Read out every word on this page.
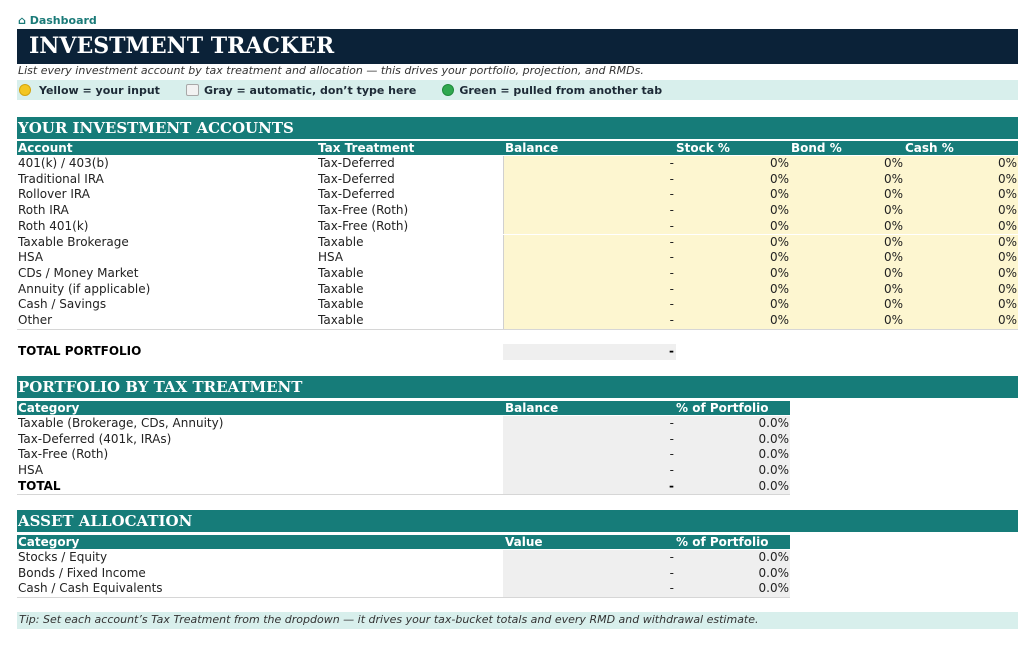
⌂ Dashboard
INVESTMENT TRACKER
List every investment account by tax treatment and allocation — this drives your portfolio, projection, and RMDs.
Yellow = your input	Gray = automatic, don’t type here	Green = pulled from another tab
YOUR INVESTMENT ACCOUNTS
Account	Tax Treatment	Balance	Stock %	Bond %	Cash %
401(k) / 403(b)	Tax-Deferred	-	0%	0%	0%
Traditional IRA	Tax-Deferred	-	0%	0%	0%
Rollover IRA	Tax-Deferred	-	0%	0%	0%
Roth IRA	Tax-Free (Roth)	-	0%	0%	0%
Roth 401(k)	Tax-Free (Roth)	-	0%	0%	0%
Taxable Brokerage	Taxable	-	0%	0%	0%
HSA	HSA	-	0%	0%	0%
CDs / Money Market	Taxable	-	0%	0%	0%
Annuity (if applicable)	Taxable	-	0%	0%	0%
Cash / Savings	Taxable	-	0%	0%	0%
Other	Taxable	-	0%	0%	0%
TOTAL PORTFOLIO	-
PORTFOLIO BY TAX TREATMENT
Category	Balance	% of Portfolio
Taxable (Brokerage, CDs, Annuity)	-	0.0%
Tax-Deferred (401k, IRAs)	-	0.0%
Tax-Free (Roth)	-	0.0%
HSA	-	0.0%
TOTAL	-	0.0%
ASSET ALLOCATION
Category	Value	% of Portfolio
Stocks / Equity	-	0.0%
Bonds / Fixed Income	-	0.0%
Cash / Cash Equivalents	-	0.0%
Tip: Set each account’s Tax Treatment from the dropdown — it drives your tax-bucket totals and every RMD and withdrawal estimate.
